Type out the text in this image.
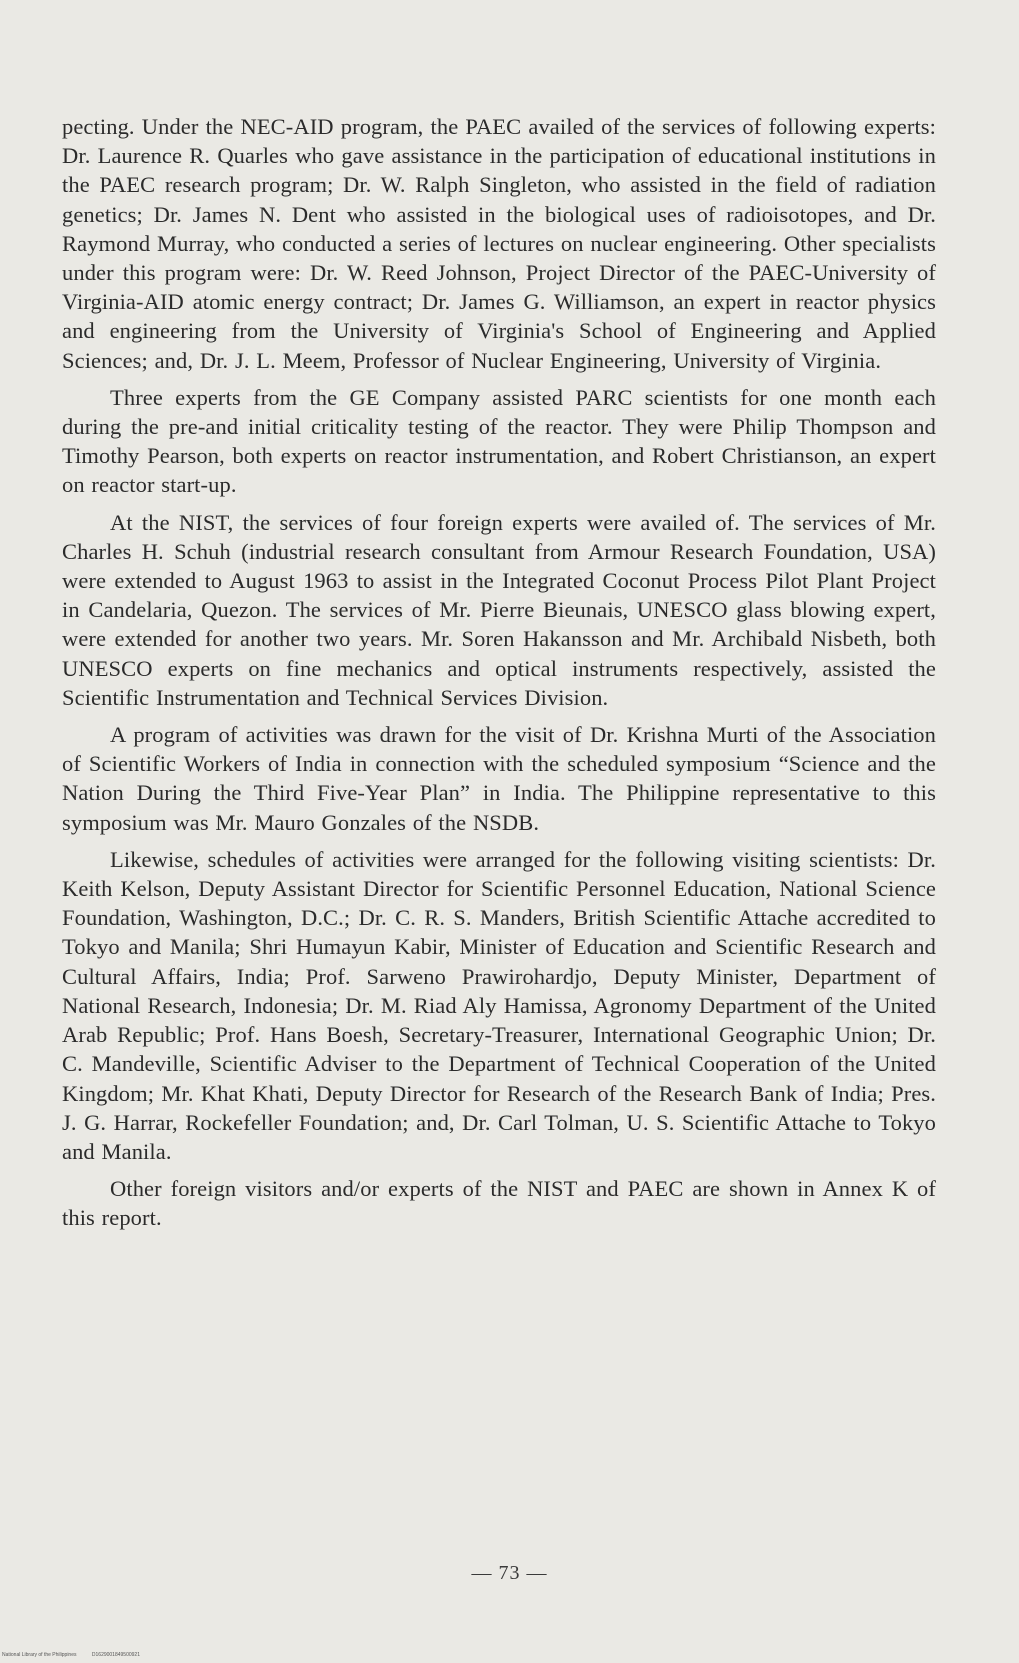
pecting. Under the NEC-AID program, the PAEC availed of the services of following experts: Dr. Laurence R. Quarles who gave assistance in the participation of educational institutions in the PAEC research program; Dr. W. Ralph Singleton, who assisted in the field of radiation genetics; Dr. James N. Dent who assisted in the biological uses of radioisotopes, and Dr. Raymond Murray, who conducted a series of lectures on nuclear engineering. Other specialists under this program were: Dr. W. Reed Johnson, Project Director of the PAEC-University of Virginia-AID atomic energy contract; Dr. James G. Williamson, an expert in reactor physics and engineering from the University of Virginia's School of Engineering and Applied Sciences; and, Dr. J. L. Meem, Professor of Nuclear Engineering, University of Virginia.

Three experts from the GE Company assisted PARC scientists for one month each during the pre-and initial criticality testing of the reactor. They were Philip Thompson and Timothy Pearson, both experts on reactor instrumentation, and Robert Christianson, an expert on reactor start-up.

At the NIST, the services of four foreign experts were availed of. The services of Mr. Charles H. Schuh (industrial research consultant from Armour Research Foundation, USA) were extended to August 1963 to assist in the Integrated Coconut Process Pilot Plant Project in Candelaria, Quezon. The services of Mr. Pierre Bieunais, UNESCO glass blowing expert, were extended for another two years. Mr. Soren Hakansson and Mr. Archibald Nisbeth, both UNESCO experts on fine mechanics and optical instruments respectively, assisted the Scientific Instrumentation and Technical Services Division.

A program of activities was drawn for the visit of Dr. Krishna Murti of the Association of Scientific Workers of India in connection with the scheduled symposium “Science and the Nation During the Third Five-Year Plan” in India. The Philippine representative to this symposium was Mr. Mauro Gonzales of the NSDB.

Likewise, schedules of activities were arranged for the following visiting scientists: Dr. Keith Kelson, Deputy Assistant Director for Scientific Personnel Education, National Science Foundation, Washington, D.C.; Dr. C. R. S. Manders, British Scientific Attache accredited to Tokyo and Manila; Shri Humayun Kabir, Minister of Education and Scientific Research and Cultural Affairs, India; Prof. Sarweno Prawirohardjo, Deputy Minister, Department of National Research, Indonesia; Dr. M. Riad Aly Hamissa, Agronomy Department of the United Arab Republic; Prof. Hans Boesh, Secretary-Treasurer, International Geographic Union; Dr. C. Mandeville, Scientific Adviser to the Department of Technical Cooperation of the United Kingdom; Mr. Khat Khati, Deputy Director for Research of the Research Bank of India; Pres. J. G. Harrar, Rockefeller Foundation; and, Dr. Carl Tolman, U. S. Scientific Attache to Tokyo and Manila.

Other foreign visitors and/or experts of the NIST and PAEC are shown in Annex K of this report.

— 73 —
National Library of the Philippines	D1629001849500921
